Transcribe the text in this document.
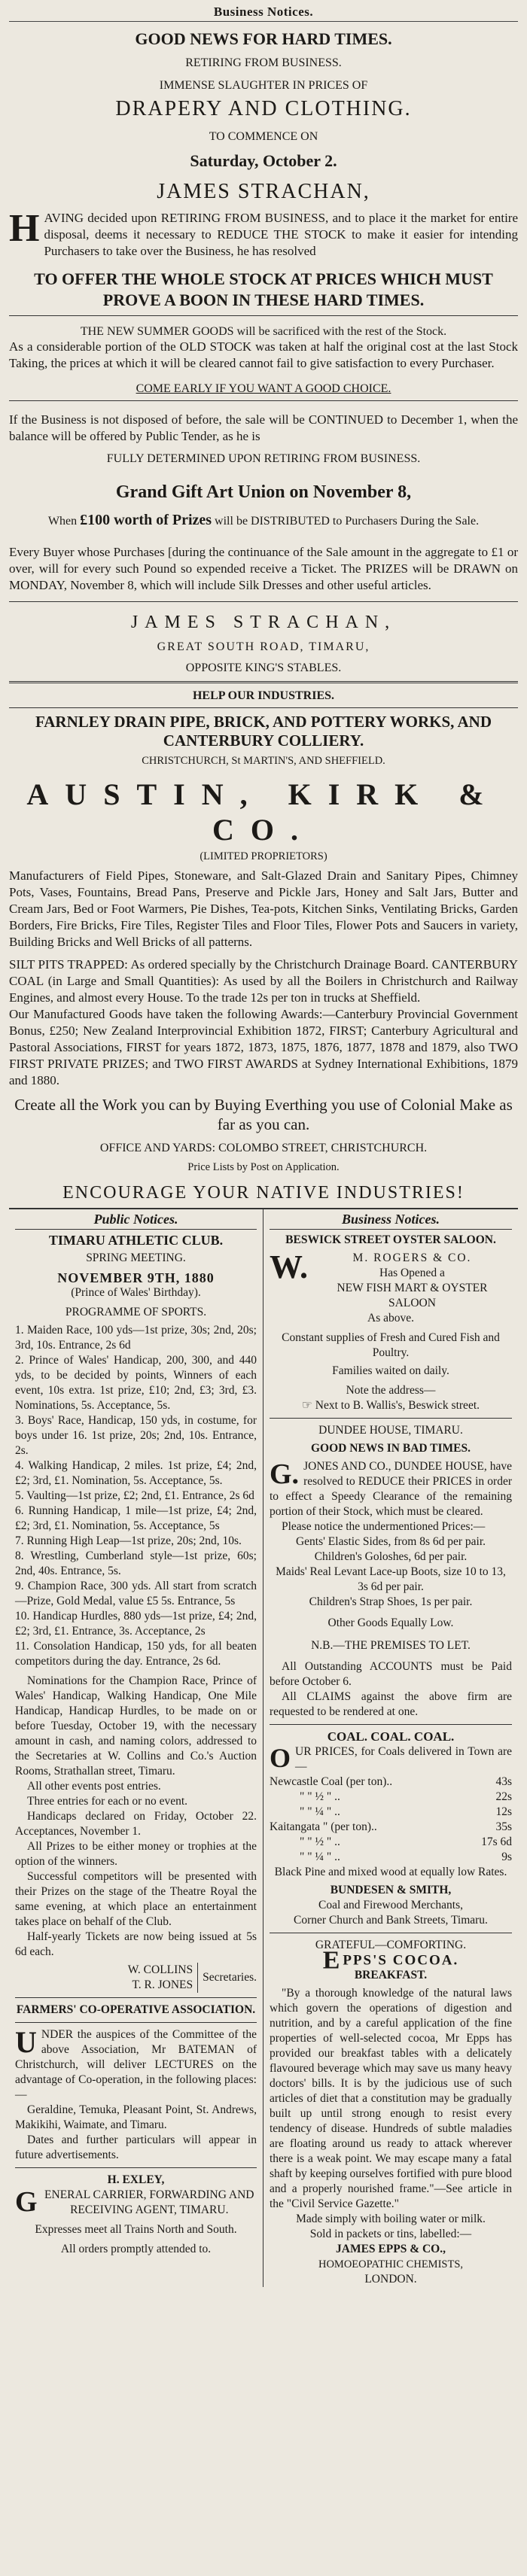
Business Notices.
GOOD NEWS FOR HARD TIMES.
RETIRING FROM BUSINESS.
IMMENSE SLAUGHTER IN PRICES OF
DRAPERY AND CLOTHING.
TO COMMENCE ON
Saturday, October 2.
JAMES STRACHAN,
HAVING decided upon RETIRING FROM BUSINESS, and to place it the market for entire disposal, deems it necessary to REDUCE THE STOCK to make it easier for intending Purchasers to take over the Business, he has resolved
TO OFFER THE WHOLE STOCK AT PRICES WHICH MUST PROVE A BOON IN THESE HARD TIMES.
THE NEW SUMMER GOODS will be sacrificed with the rest of the Stock.
As a considerable portion of the OLD STOCK was taken at half the original cost at the last Stock Taking, the prices at which it will be cleared cannot fail to give satisfaction to every Purchaser.
COME EARLY IF YOU WANT A GOOD CHOICE.
If the Business is not disposed of before, the sale will be CONTINUED to December 1, when the balance will be offered by Public Tender, as he is
FULLY DETERMINED UPON RETIRING FROM BUSINESS.
Grand Gift Art Union on November 8,
When £100 worth of Prizes will be DISTRIBUTED to Purchasers During the Sale.
Every Buyer whose Purchases [during the continuance of the Sale amount in the aggregate to £1 or over, will for every such Pound so expended receive a Ticket. The PRIZES will be DRAWN on MONDAY, November 8, which will include Silk Dresses and other useful articles.
JAMES STRACHAN,
GREAT SOUTH ROAD, TIMARU,
OPPOSITE KING'S STABLES.
HELP OUR INDUSTRIES.
FARNLEY DRAIN PIPE, BRICK, AND POTTERY WORKS, AND CANTERBURY COLLIERY.
CHRISTCHURCH, St MARTIN'S, AND SHEFFIELD.
AUSTIN, KIRK & CO.
(LIMITED PROPRIETORS)
Manufacturers of Field Pipes, Stoneware, and Salt-Glazed Drain and Sanitary Pipes, Chimney Pots, Vases, Fountains, Bread Pans, Preserve and Pickle Jars, Honey and Salt Jars, Butter and Cream Jars, Bed or Foot Warmers, Pie Dishes, Tea-pots, Kitchen Sinks, Ventilating Bricks, Garden Borders, Fire Bricks, Fire Tiles, Register Tiles and Floor Tiles, Flower Pots and Saucers in variety, Building Bricks and Well Bricks of all patterns.
SILT PITS TRAPPED: As ordered specially by the Christchurch Drainage Board. CANTERBURY COAL (in Large and Small Quantities): As used by all the Boilers in Christchurch and Railway Engines, and almost every House. To the trade 12s per ton in trucks at Sheffield.
Our Manufactured Goods have taken the following Awards:—Canterbury Provincial Government Bonus, £250; New Zealand Interprovincial Exhibition 1872, FIRST; Canterbury Agricultural and Pastoral Associations, FIRST for years 1872, 1873, 1875, 1876, 1877, 1878 and 1879, also TWO FIRST PRIVATE PRIZES; and TWO FIRST AWARDS at Sydney International Exhibitions, 1879 and 1880.
Create all the Work you can by Buying Everthing you use of Colonial Make as far as you can.
OFFICE AND YARDS: COLOMBO STREET, CHRISTCHURCH.
Price Lists by Post on Application.
ENCOURAGE YOUR NATIVE INDUSTRIES!
Public Notices.
TIMARU ATHLETIC CLUB.
SPRING MEETING.
NOVEMBER 9TH, 1880
(Prince of Wales' Birthday).
PROGRAMME OF SPORTS.
1. Maiden Race, 100 yds—1st prize, 30s; 2nd, 20s; 3rd, 10s. Entrance, 2s 6d
2. Prince of Wales' Handicap, 200, 300, and 440 yds, to be decided by points, Winners of each event, 10s extra. 1st prize, £10; 2nd, £3; 3rd, £3. Nominations, 5s. Acceptance, 5s.
3. Boys' Race, Handicap, 150 yds, in costume, for boys under 16. 1st prize, 20s; 2nd, 10s. Entrance, 2s.
4. Walking Handicap, 2 miles. 1st prize, £4; 2nd, £2; 3rd, £1. Nomination, 5s. Acceptance, 5s.
5. Vaulting—1st prize, £2; 2nd, £1. Entrance, 2s 6d
6. Running Handicap, 1 mile—1st prize, £4; 2nd, £2; 3rd, £1. Nomination, 5s. Acceptance, 5s
7. Running High Leap—1st prize, 20s; 2nd, 10s.
8. Wrestling, Cumberland style—1st prize, 60s; 2nd, 40s. Entrance, 5s.
9. Champion Race, 300 yds. All start from scratch—Prize, Gold Medal, value £5 5s. Entrance, 5s
10. Handicap Hurdles, 880 yds—1st prize, £4; 2nd, £2; 3rd, £1. Entrance, 3s. Acceptance, 2s
11. Consolation Handicap, 150 yds, for all beaten competitors during the day. Entrance, 2s 6d.
Nominations for the Champion Race, Prince of Wales' Handicap, Walking Handicap, One Mile Handicap, Handicap Hurdles, to be made on or before Tuesday, October 19, with the necessary amount in cash, and naming colors, addressed to the Secretaries at W. Collins and Co.'s Auction Rooms, Strathallan street, Timaru.
All other events post entries.
Three entries for each or no event.
Handicaps declared on Friday, October 22. Acceptances, November 1.
All Prizes to be either money or trophies at the option of the winners.
Successful competitors will be presented with their Prizes on the stage of the Theatre Royal the same evening, at which place an entertainment takes place on behalf of the Club.
Half-yearly Tickets are now being issued at 5s 6d each.
W. COLLINS
T. R. JONES
Secretaries.
FARMERS' CO-OPERATIVE ASSOCIATION.
UNDER the auspices of the Committee of the above Association, Mr BATEMAN of Christchurch, will deliver LECTURES on the advantage of Co-operation, in the following places:—
Geraldine, Temuka, Pleasant Point, St. Andrews, Makikihi, Waimate, and Timaru.
Dates and further particulars will appear in future advertisements.
H. EXLEY,
GENERAL CARRIER, FORWARDING AND RECEIVING AGENT, TIMARU.
Expresses meet all Trains North and South.
All orders promptly attended to.
Business Notices.
BESWICK STREET OYSTER SALOON.
W.	M. ROGERS & CO.
Has Opened a
NEW FISH MART & OYSTER SALOON
As above.
Constant supplies of Fresh and Cured Fish and Poultry.
Families waited on daily.
Note the address—
☞ Next to B. Wallis's, Beswick street.
DUNDEE HOUSE, TIMARU.
GOOD NEWS IN BAD TIMES.
G. JONES AND CO., DUNDEE HOUSE, have resolved to REDUCE their PRICES in order to effect a Speedy Clearance of the remaining portion of their Stock, which must be cleared.
Please notice the undermentioned Prices:—
Gents' Elastic Sides, from 8s 6d per pair.
Children's Goloshes, 6d per pair.
Maids' Real Levant Lace-up Boots, size 10 to 13, 3s 6d per pair.
Children's Strap Shoes, 1s per pair.
Other Goods Equally Low.
N.B.—THE PREMISES TO LET.
All Outstanding ACCOUNTS must be Paid before October 6.
All CLAIMS against the above firm are requested to be rendered at one.
COAL. COAL. COAL.
OUR PRICES, for Coals delivered in Town are—
Newcastle Coal (per ton)..	43s
" " ½ " ..	22s
" " ¼ " ..	12s
Kaitangata " (per ton)..	35s
" " ½ " ..	17s 6d
" " ¼ " ..	9s
Black Pine and mixed wood at equally low Rates.
BUNDESEN & SMITH,
Coal and Firewood Merchants,
Corner Church and Bank Streets, Timaru.
GRATEFUL—COMFORTING.
E PPS'S COCOA.
BREAKFAST.
"By a thorough knowledge of the natural laws which govern the operations of digestion and nutrition, and by a careful application of the fine properties of well-selected cocoa, Mr Epps has provided our breakfast tables with a delicately flavoured beverage which may save us many heavy doctors' bills. It is by the judicious use of such articles of diet that a constitution may be gradually built up until strong enough to resist every tendency of disease. Hundreds of subtle maladies are floating around us ready to attack wherever there is a weak point. We may escape many a fatal shaft by keeping ourselves fortified with pure blood and a properly nourished frame."—See article in the "Civil Service Gazette."
Made simply with boiling water or milk.
Sold in packets or tins, labelled:—
JAMES EPPS & CO.,
HOMOEOPATHIC CHEMISTS,
LONDON.
